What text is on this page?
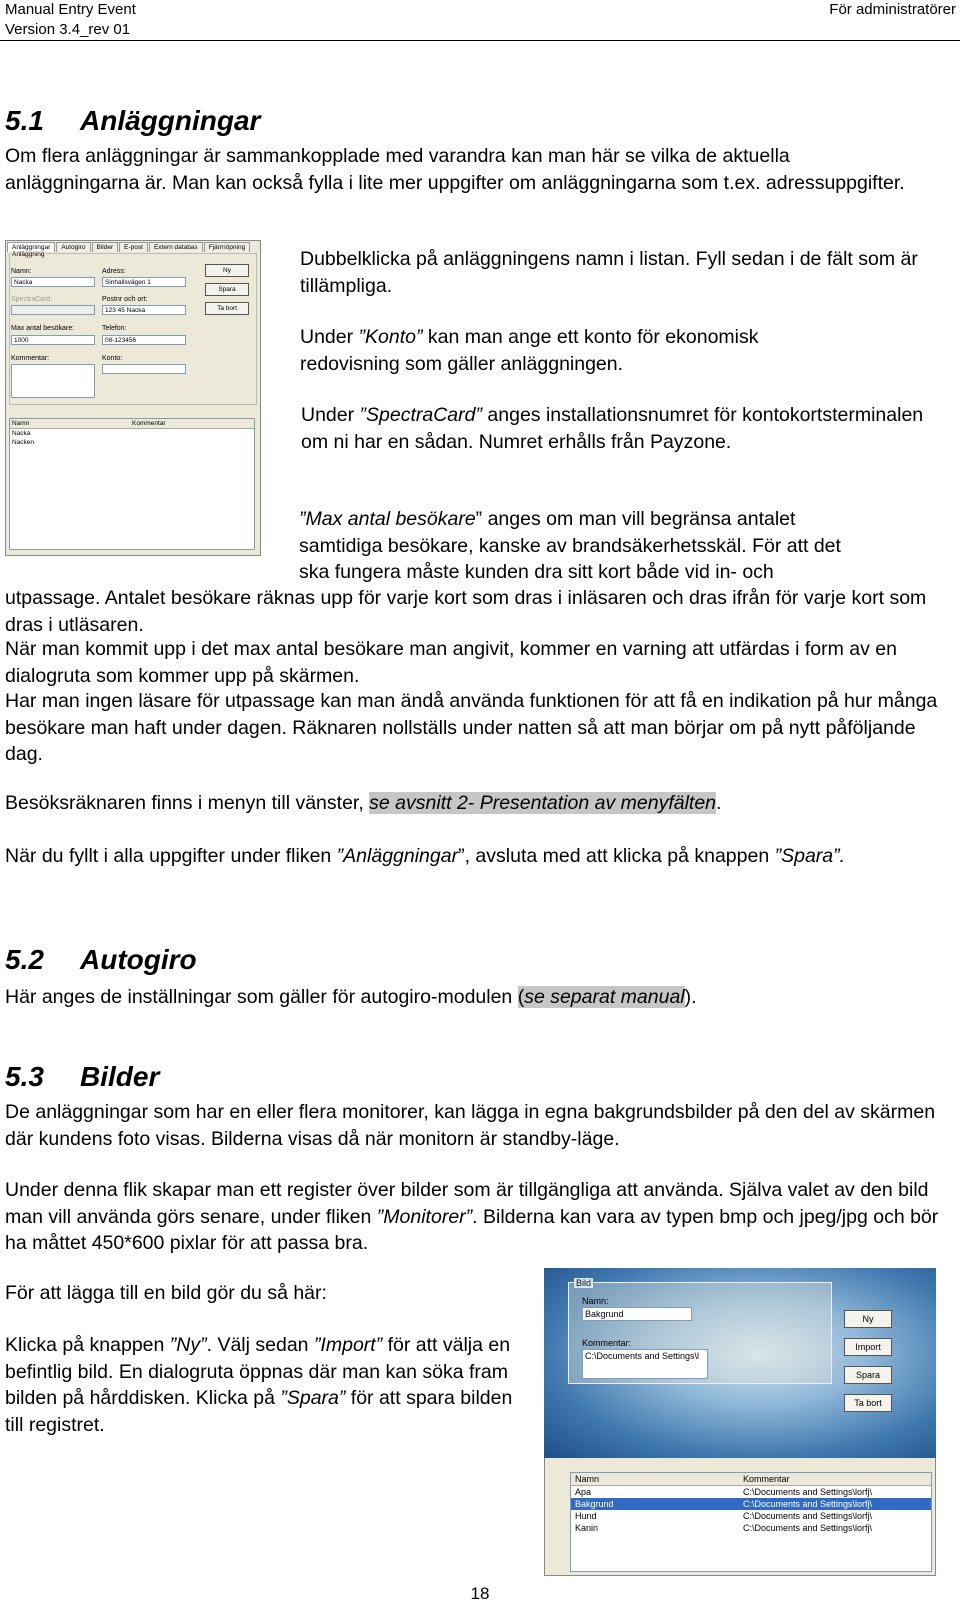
Manual Entry Event
Version 3.4_rev 01
För administratörer
5.1 Anläggningar

Om flera anläggningar är sammankopplade med varandra kan man här se vilka de aktuella anläggningarna är. Man kan också fylla i lite mer uppgifter om anläggningarna som t.ex. adressuppgifter.

Anläggningar Autogiro Bilder E-post Extern databas Fjärrnöpning
Anläggning
Namn:
Nacka
Adress:
Sinhallsvägen 1
SpectraCard:	Postnr och ort:
123 45 Nacka
Max antal besökare:
1000
Telefon:
08-123456
Kommentar:	Konto:
Ny
Spara
Ta bort
Namn	Kommentar
Nacka
Nacken

Dubbelklicka på anläggningens namn i listan. Fyll sedan i de fält som är tillämpliga.

Under ”Konto” kan man ange ett konto för ekonomisk redovisning som gäller anläggningen.

Under ”SpectraCard” anges installationsnumret för kontokortsterminalen om ni har en sådan. Numret erhålls från Payzone.

”Max antal besökare” anges om man vill begränsa antalet
samtidiga besökare, kanske av brandsäkerhetsskäl. För att det
ska fungera måste kunden dra sitt kort både vid in- och

utpassage. Antalet besökare räknas upp för varje kort som dras i inläsaren och dras ifrån för varje kort som dras i utläsaren.

När man kommit upp i det max antal besökare man angivit, kommer en varning att utfärdas i form av en dialogruta som kommer upp på skärmen.

Har man ingen läsare för utpassage kan man ändå använda funktionen för att få en indikation på hur många besökare man haft under dagen. Räknaren nollställs under natten så att man börjar om på nytt påföljande dag.

Besöksräknaren finns i menyn till vänster, se avsnitt 2- Presentation av menyfälten.

När du fyllt i alla uppgifter under fliken ”Anläggningar”, avsluta med att klicka på knappen ”Spara”.

5.2 Autogiro

Här anges de inställningar som gäller för autogiro-modulen (se separat manual).

5.3 Bilder

De anläggningar som har en eller flera monitorer, kan lägga in egna bakgrundsbilder på den del av skärmen där kundens foto visas. Bilderna visas då när monitorn är standby-läge.

Under denna flik skapar man ett register över bilder som är tillgängliga att använda. Själva valet av den bild man vill använda görs senare, under fliken ”Monitorer”. Bilderna kan vara av typen bmp och jpeg/jpg och bör ha måttet 450*600 pixlar för att passa bra.

För att lägga till en bild gör du så här:

Klicka på knappen ”Ny”. Välj sedan ”Import” för att välja en befintlig bild. En dialogruta öppnas där man kan söka fram bilden på hårddisken. Klicka på ”Spara” för att spara bilden till registret.

Bild
Namn:
Bakgrund
Kommentar:
C:\Documents and Settings\l
Ny
Import
Spara
Ta bort
Namn	Kommentar
Apa	C:\Documents and Settings\lorfj\
Bakgrund	C:\Documents and Settings\lorfj\
Hund	C:\Documents and Settings\lorfj\
Kanin	C:\Documents and Settings\lorfj\
18
